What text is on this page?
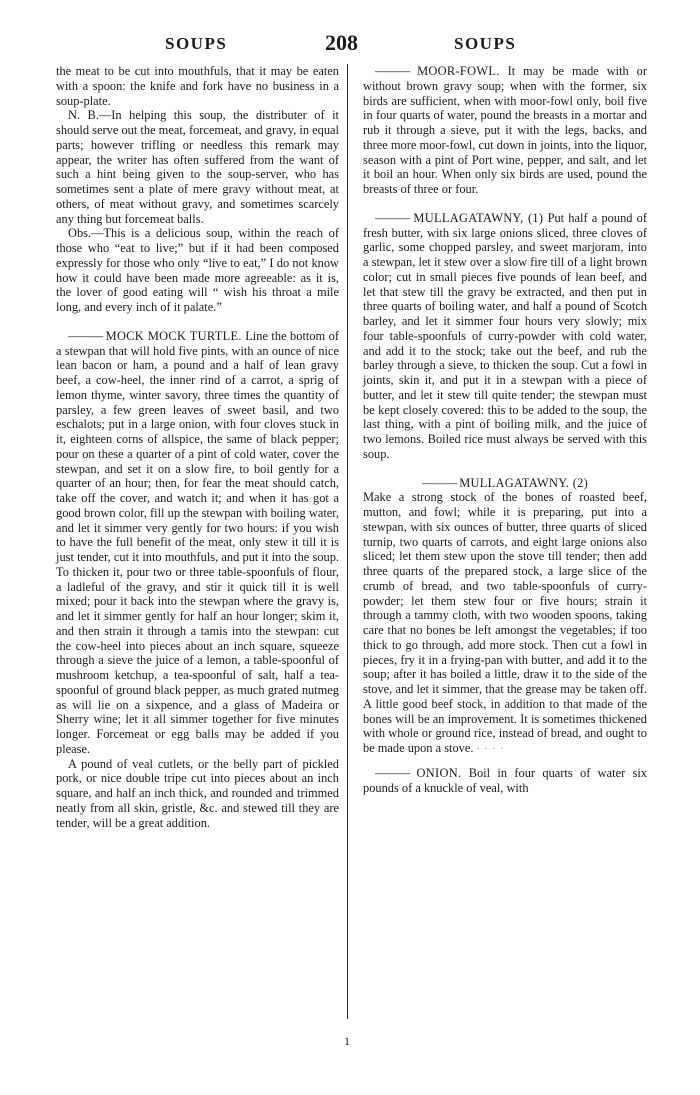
SOUPS	208	SOUPS

the meat to be cut into mouthfuls, that it may be eaten with a spoon: the knife and fork have no business in a soup-plate.

N. B.—In helping this soup, the distributer of it should serve out the meat, forcemeat, and gravy, in equal parts; however trifling or needless this remark may appear, the writer has often suffered from the want of such a hint being given to the soup-server, who has sometimes sent a plate of mere gravy without meat, at others, of meat without gravy, and sometimes scarcely any thing but forcemeat balls.

Obs.—This is a delicious soup, within the reach of those who “eat to live;” but if it had been composed expressly for those who only “live to eat,” I do not know how it could have been made more agreeable: as it is, the lover of good eating will “ wish his throat a mile long, and every inch of it palate.”

——— MOCK MOCK TURTLE. Line the bottom of a stewpan that will hold five pints, with an ounce of nice lean bacon or ham, a pound and a half of lean gravy beef, a cow-heel, the inner rind of a carrot, a sprig of lemon thyme, winter savory, three times the quantity of parsley, a few green leaves of sweet basil, and two eschalots; put in a large onion, with four cloves stuck in it, eighteen corns of allspice, the same of black pepper; pour on these a quarter of a pint of cold water, cover the stewpan, and set it on a slow fire, to boil gently for a quarter of an hour; then, for fear the meat should catch, take off the cover, and watch it; and when it has got a good brown color, fill up the stewpan with boiling water, and let it simmer very gently for two hours: if you wish to have the full benefit of the meat, only stew it till it is just tender, cut it into mouthfuls, and put it into the soup. To thicken it, pour two or three table-spoonfuls of flour, a ladleful of the gravy, and stir it quick till it is well mixed; pour it back into the stewpan where the gravy is, and let it simmer gently for half an hour longer; skim it, and then strain it through a tamis into the stewpan: cut the cow-heel into pieces about an inch square, squeeze through a sieve the juice of a lemon, a table-spoonful of mushroom ketchup, a tea-spoonful of salt, half a tea-spoonful of ground black pepper, as much grated nutmeg as will lie on a sixpence, and a glass of Madeira or Sherry wine; let it all simmer together for five minutes longer. Forcemeat or egg balls may be added if you please.

A pound of veal cutlets, or the belly part of pickled pork, or nice double tripe cut into pieces about an inch square, and half an inch thick, and rounded and trimmed neatly from all skin, gristle, &c. and stewed till they are tender, will be a great addition.

——— MOOR-FOWL. It may be made with or without brown gravy soup; when with the former, six birds are sufficient, when with moor-fowl only, boil five in four quarts of water, pound the breasts in a mortar and rub it through a sieve, put it with the legs, backs, and three more moor-fowl, cut down in joints, into the liquor, season with a pint of Port wine, pepper, and salt, and let it boil an hour. When only six birds are used, pound the breasts of three or four.

——— MULLAGATAWNY, (1) Put half a pound of fresh butter, with six large onions sliced, three cloves of garlic, some chopped parsley, and sweet marjoram, into a stewpan, let it stew over a slow fire till of a light brown color; cut in small pieces five pounds of lean beef, and let that stew till the gravy be extracted, and then put in three quarts of boiling water, and half a pound of Scotch barley, and let it simmer four hours very slowly; mix four table-spoonfuls of curry-powder with cold water, and add it to the stock; take out the beef, and rub the barley through a sieve, to thicken the soup. Cut a fowl in joints, skin it, and put it in a stewpan with a piece of butter, and let it stew till quite tender; the stewpan must be kept closely covered: this to be added to the soup, the last thing, with a pint of boiling milk, and the juice of two lemons. Boiled rice must always be served with this soup.

——— MULLAGATAWNY. (2)

Make a strong stock of the bones of roasted beef, mutton, and fowl; while it is preparing, put into a stewpan, with six ounces of butter, three quarts of sliced turnip, two quarts of carrots, and eight large onions also sliced; let them stew upon the stove till tender; then add three quarts of the prepared stock, a large slice of the crumb of bread, and two table-spoonfuls of curry-powder; let them stew four or five hours; strain it through a tammy cloth, with two wooden spoons, taking care that no bones be left amongst the vegetables; if too thick to go through, add more stock. Then cut a fowl in pieces, fry it in a frying-pan with butter, and add it to the soup; after it has boiled a little, draw it to the side of the stove, and let it simmer, that the grease may be taken off. A little good beef stock, in addition to that made of the bones will be an improvement. It is sometimes thickened with whole or ground rice, instead of bread, and ought to be made upon a stove. · · · ·

——— ONION. Boil in four quarts of water six pounds of a knuckle of veal, with

1
